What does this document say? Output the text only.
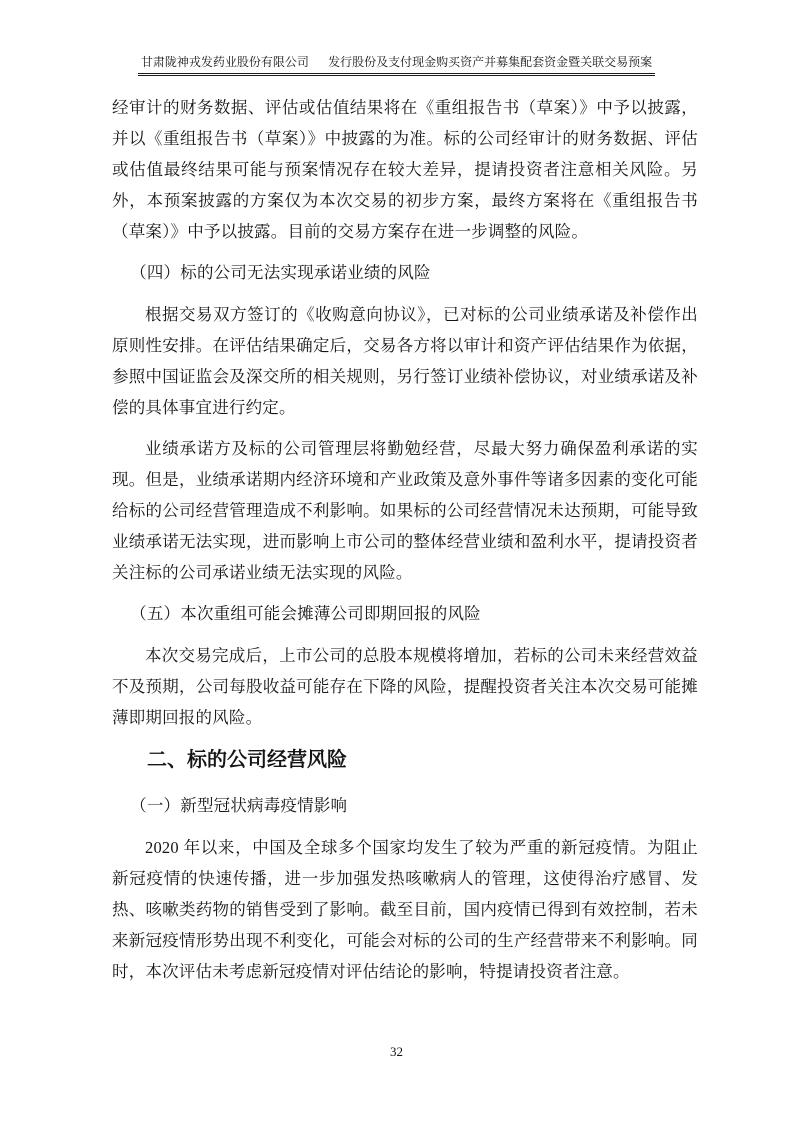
甘肃陇神戎发药业股份有限公司 发行股份及支付现金购买资产并募集配套资金暨关联交易预案

经审计的财务数据、评估或估值结果将在《重组报告书（草案）》中予以披露，并以《重组报告书（草案）》中披露的为准。标的公司经审计的财务数据、评估或估值最终结果可能与预案情况存在较大差异，提请投资者注意相关风险。另外，本预案披露的方案仅为本次交易的初步方案，最终方案将在《重组报告书（草案）》中予以披露。目前的交易方案存在进一步调整的风险。

（四）标的公司无法实现承诺业绩的风险

根据交易双方签订的《收购意向协议》，已对标的公司业绩承诺及补偿作出原则性安排。在评估结果确定后，交易各方将以审计和资产评估结果作为依据，参照中国证监会及深交所的相关规则，另行签订业绩补偿协议，对业绩承诺及补偿的具体事宜进行约定。

业绩承诺方及标的公司管理层将勤勉经营，尽最大努力确保盈利承诺的实现。但是，业绩承诺期内经济环境和产业政策及意外事件等诸多因素的变化可能给标的公司经营管理造成不利影响。如果标的公司经营情况未达预期，可能导致业绩承诺无法实现，进而影响上市公司的整体经营业绩和盈利水平，提请投资者关注标的公司承诺业绩无法实现的风险。

（五）本次重组可能会摊薄公司即期回报的风险

本次交易完成后，上市公司的总股本规模将增加，若标的公司未来经营效益不及预期，公司每股收益可能存在下降的风险，提醒投资者关注本次交易可能摊薄即期回报的风险。

二、标的公司经营风险

（一）新型冠状病毒疫情影响

2020 年以来，中国及全球多个国家均发生了较为严重的新冠疫情。为阻止新冠疫情的快速传播，进一步加强发热咳嗽病人的管理，这使得治疗感冒、发热、咳嗽类药物的销售受到了影响。截至目前，国内疫情已得到有效控制，若未来新冠疫情形势出现不利变化，可能会对标的公司的生产经营带来不利影响。同时，本次评估未考虑新冠疫情对评估结论的影响，特提请投资者注意。

32
